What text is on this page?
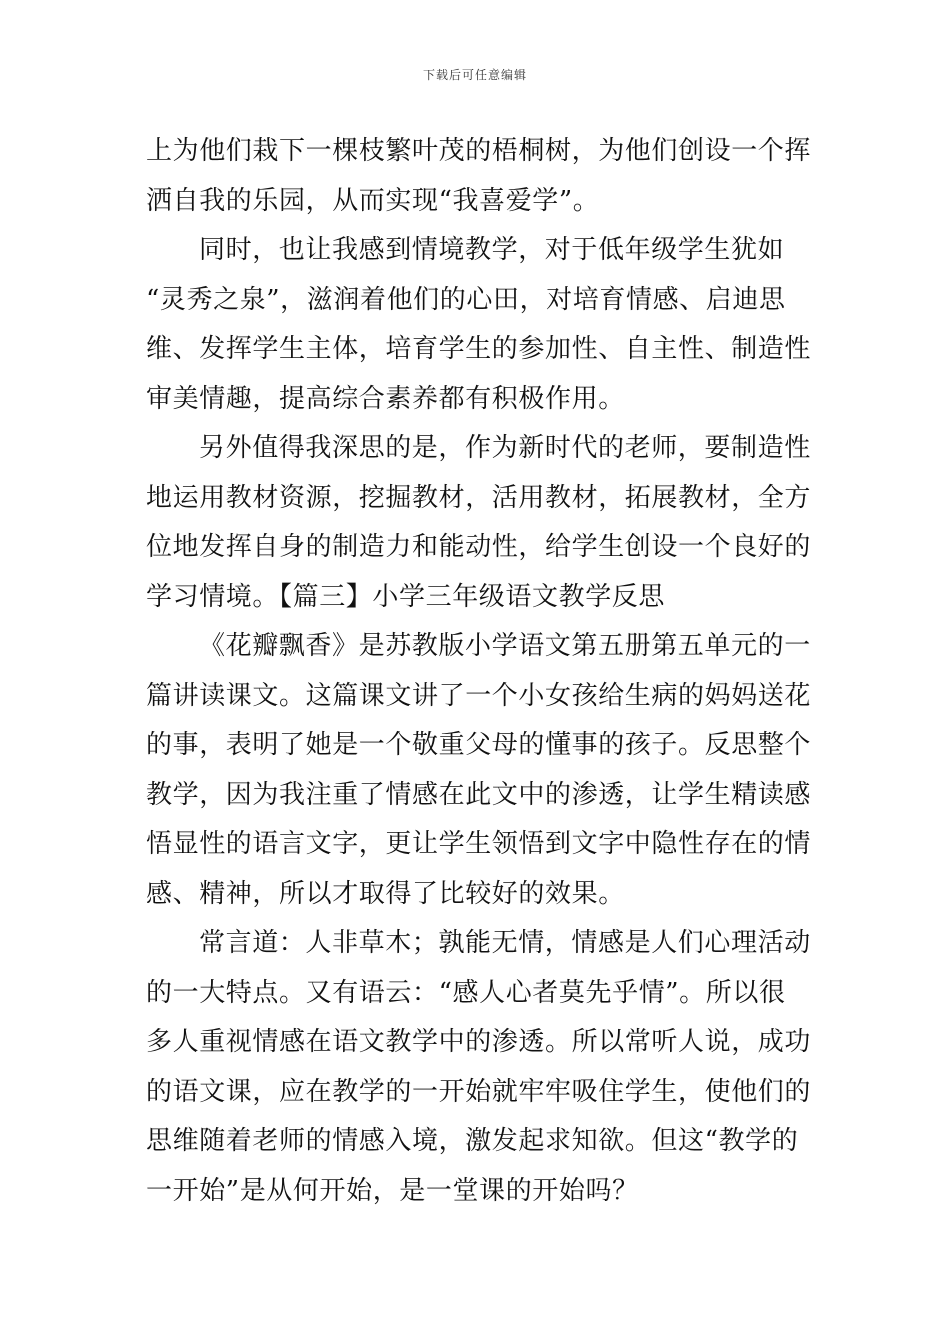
下载后可任意编辑
上为他们栽下一棵枝繁叶茂的梧桐树，为他们创设一个挥
洒自我的乐园，从而实现“我喜爱学”。
同时，也让我感到情境教学，对于低年级学生犹如
“灵秀之泉”，滋润着他们的心田，对培育情感、启迪思
维、发挥学生主体，培育学生的参加性、自主性、制造性
审美情趣，提高综合素养都有积极作用。
另外值得我深思的是，作为新时代的老师，要制造性
地运用教材资源，挖掘教材，活用教材，拓展教材，全方
位地发挥自身的制造力和能动性，给学生创设一个良好的
学习情境。【篇三】小学三年级语文教学反思
《花瓣飘香》是苏教版小学语文第五册第五单元的一
篇讲读课文。这篇课文讲了一个小女孩给生病的妈妈送花
的事，表明了她是一个敬重父母的懂事的孩子。反思整个
教学，因为我注重了情感在此文中的渗透，让学生精读感
悟显性的语言文字，更让学生领悟到文字中隐性存在的情
感、精神，所以才取得了比较好的效果。
常言道：人非草木；孰能无情，情感是人们心理活动
的一大特点。又有语云：“感人心者莫先乎情”。所以很
多人重视情感在语文教学中的渗透。所以常听人说，成功
的语文课，应在教学的一开始就牢牢吸住学生，使他们的
思维随着老师的情感入境，激发起求知欲。但这“教学的
一开始”是从何开始，是一堂课的开始吗？
